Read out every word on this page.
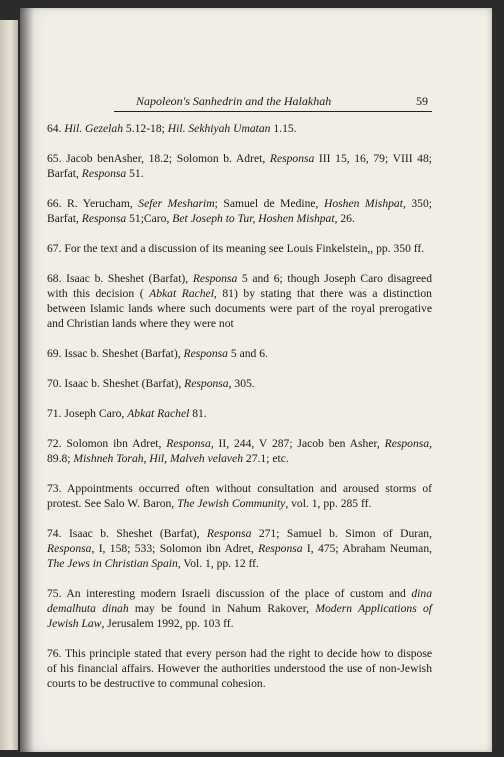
Napoleon's Sanhedrin and the Halakhah	59

64. Hil. Gezelah 5.12-18; Hil. Sekhiyah Umatan 1.15.

65. Jacob benAsher, 18.2; Solomon b. Adret, Responsa III 15, 16, 79; VIII 48; Barfat, Responsa 51.

66. R. Yerucham, Sefer Mesharim; Samuel de Medine, Hoshen Mishpat, 350; Barfat, Responsa 51;Caro, Bet Joseph to Tur, Hoshen Mishpat, 26.

67. For the text and a discussion of its meaning see Louis Finkelstein,, pp. 350 ff.

68. Isaac b. Sheshet (Barfat), Responsa 5 and 6; though Joseph Caro disagreed with this decision ( Abkat Rachel, 81) by stating that there was a distinction between Islamic lands where such documents were part of the royal prerogative and Christian lands where they were not

69. Issac b. Sheshet (Barfat), Responsa 5 and 6.

70. Isaac b. Sheshet (Barfat), Responsa, 305.

71. Joseph Caro, Abkat Rachel 81.

72. Solomon ibn Adret, Responsa, II, 244, V 287; Jacob ben Asher, Responsa, 89.8; Mishneh Torah, Hil, Malveh velaveh 27.1; etc.

73. Appointments occurred often without consultation and aroused storms of protest. See Salo W. Baron, The Jewish Community, vol. 1, pp. 285 ff.

74. Isaac b. Sheshet (Barfat), Responsa 271; Samuel b. Simon of Duran, Responsa, I, 158; 533; Solomon ibn Adret, Responsa I, 475; Abraham Neuman, The Jews in Christian Spain, Vol. 1, pp. 12 ff.

75. An interesting modern Israeli discussion of the place of custom and dina demalhuta dinah may be found in Nahum Rakover, Modern Applications of Jewish Law, Jerusalem 1992, pp. 103 ff.

76. This principle stated that every person had the right to decide how to dispose of his financial affairs. However the authorities understood the use of non-Jewish courts to be destructive to communal cohesion.
